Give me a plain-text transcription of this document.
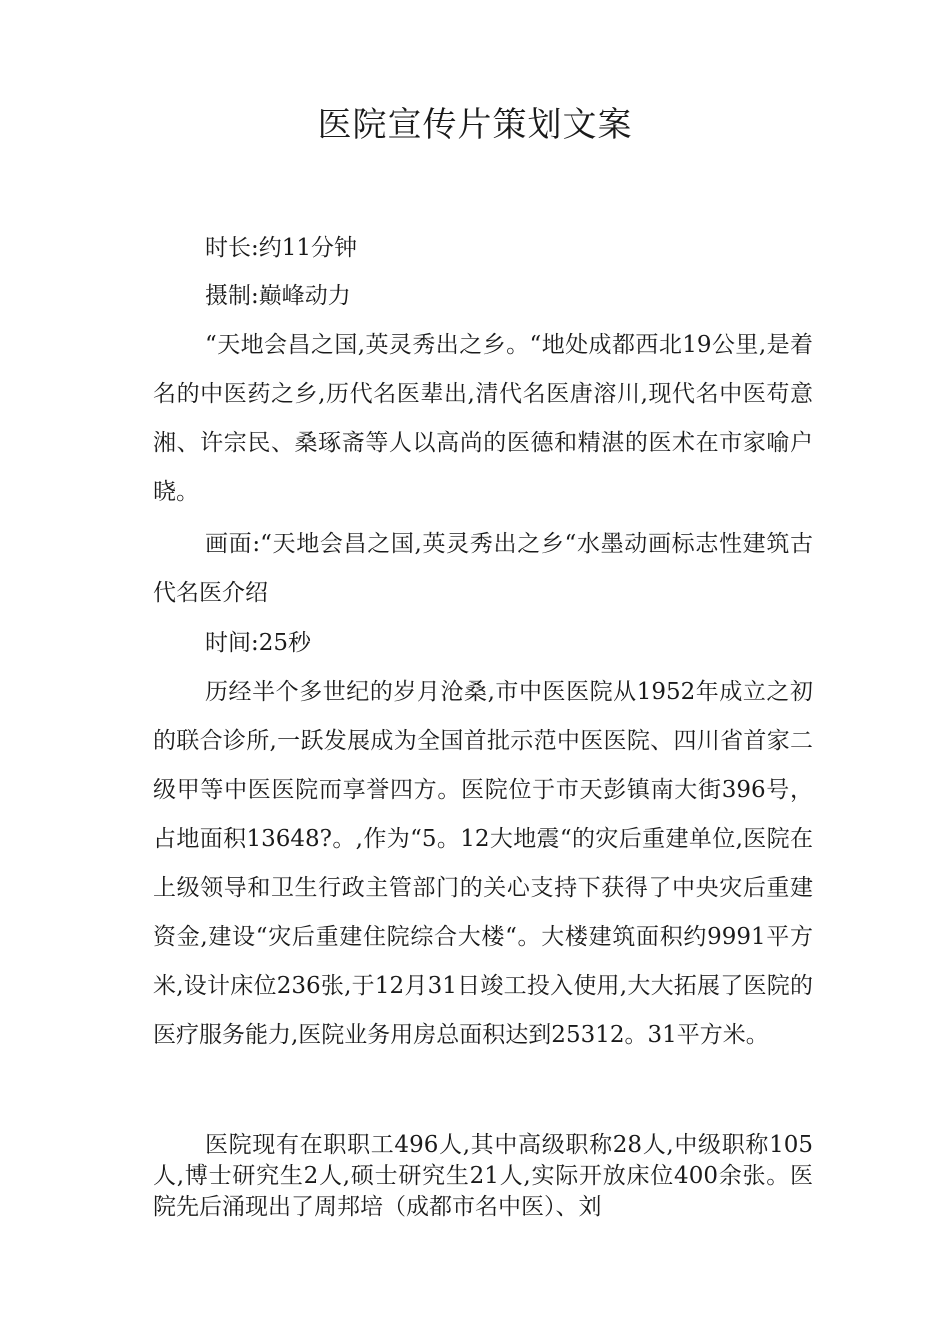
医院宣传片策划文案

时长:约11分钟

摄制:巅峰动力

“天地会昌之国,英灵秀出之乡。“地处成都西北19公里,是着名的中医药之乡,历代名医辈出,清代名医唐溶川,现代名中医苟意湘、许宗民、桑琢斋等人以高尚的医德和精湛的医术在市家喻户晓。

画面:“天地会昌之国,英灵秀出之乡“水墨动画标志性建筑古代名医介绍

时间:25秒

历经半个多世纪的岁月沧桑,市中医医院从1952年成立之初的联合诊所,一跃发展成为全国首批示范中医医院、四川省首家二级甲等中医医院而享誉四方。医院位于市天彭镇南大街396号，占地面积13648?。,作为“5。12大地震“的灾后重建单位,医院在上级领导和卫生行政主管部门的关心支持下获得了中央灾后重建资金,建设“灾后重建住院综合大楼“。大楼建筑面积约9991平方米,设计床位236张,于12月31日竣工投入使用,大大拓展了医院的医疗服务能力,医院业务用房总面积达到25312。31平方米。

医院现有在职职工496人,其中高级职称28人,中级职称105人,博士研究生2人,硕士研究生21人,实际开放床位400余张。医院先后涌现出了周邦培（成都市名中医）、刘
